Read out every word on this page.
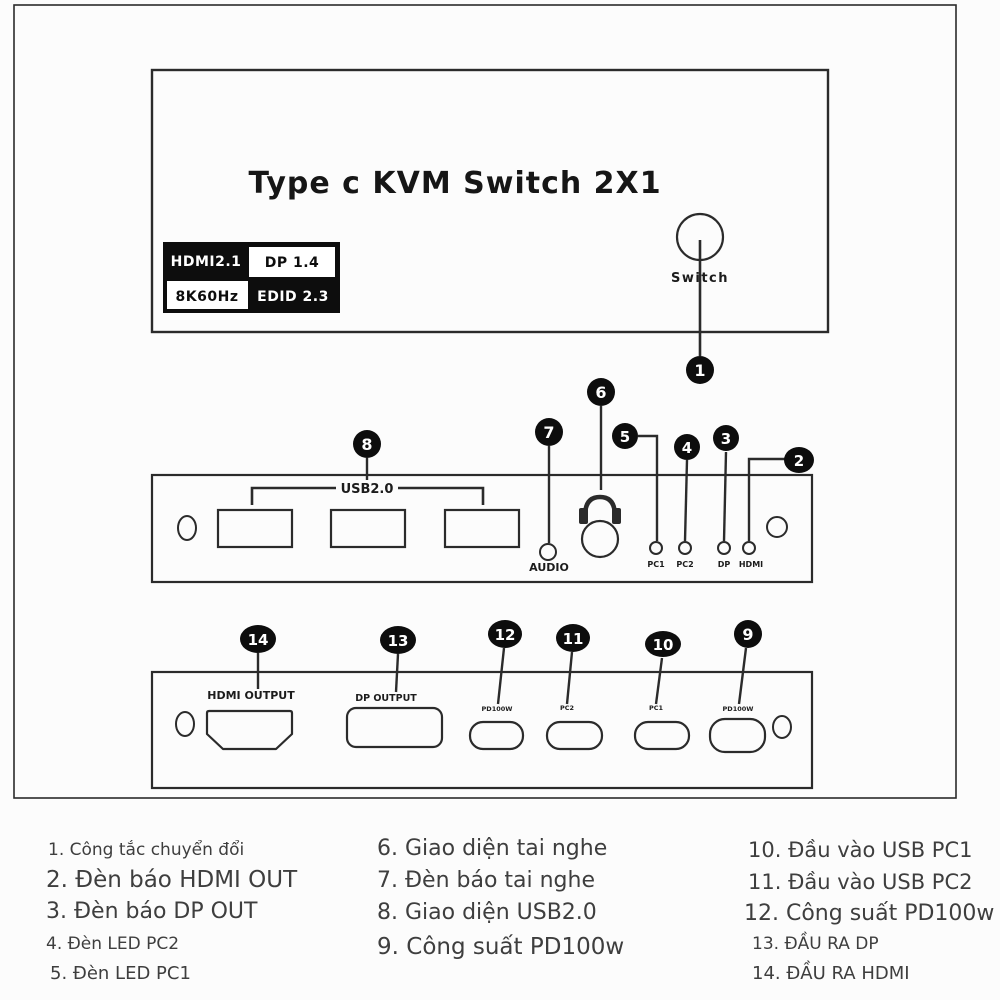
Type c KVM Switch 2X1
HDMI2.1 DP 1.4
8K60Hz EDID 2.3
Switch
1
USB2.0
AUDIO	PC1 PC2	DP HDMI
6
7
8	5
4 3
2
HDMI OUTPUT	DP OUTPUT
PD100W	PC2	PC1	PD100W
14	13	12	11	10
9
1. Công tắc chuyển đổi
2. Đèn báo HDMI OUT
3. Đèn báo DP OUT
4. Đèn LED PC2
5. Đèn LED PC1
6. Giao diện tai nghe
7. Đèn báo tai nghe
8. Giao diện USB2.0
9. Công suất PD100w
10. Đầu vào USB PC1
11. Đầu vào USB PC2
12. Công suất PD100w
13. ĐẦU RA DP
14. ĐẦU RA HDMI
